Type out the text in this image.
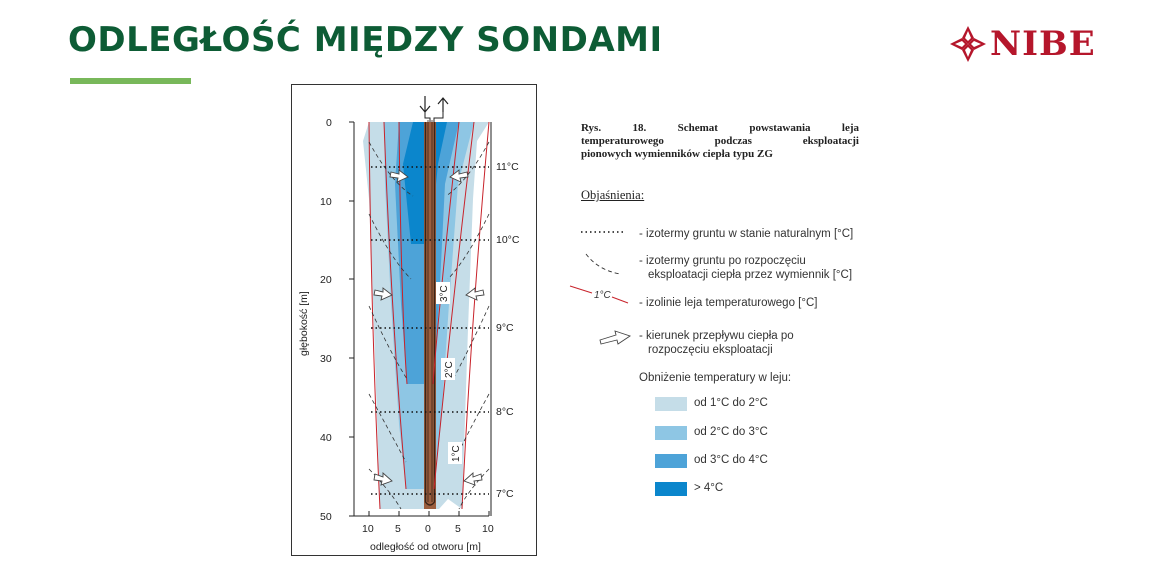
ODLEGŁOŚĆ MIĘDZY SONDAMI	NIBE
3°C
2°C
1°C
0
10
20
30
40
50
10 5 0 5 10
11°C
10°C
9°C
8°C
7°C
odległość od otworu [m]
głębokość [m]
Rys. 18. Schemat powstawania leja
temperaturowego podczas eksploatacji
pionowych wymienników ciepła typu ZG
Objaśnienia:
1°C
- izotermy gruntu w stanie naturalnym [°C]
- izotermy gruntu po rozpoczęciu
eksploatacji ciepła przez wymiennik [°C]
- izolinie leja temperaturowego [°C]
- kierunek przepływu ciepła po
rozpoczęciu eksploatacji
Obniżenie temperatury w leju:
od 1°C do 2°C
od 2°C do 3°C
od 3°C do 4°C
> 4°C
